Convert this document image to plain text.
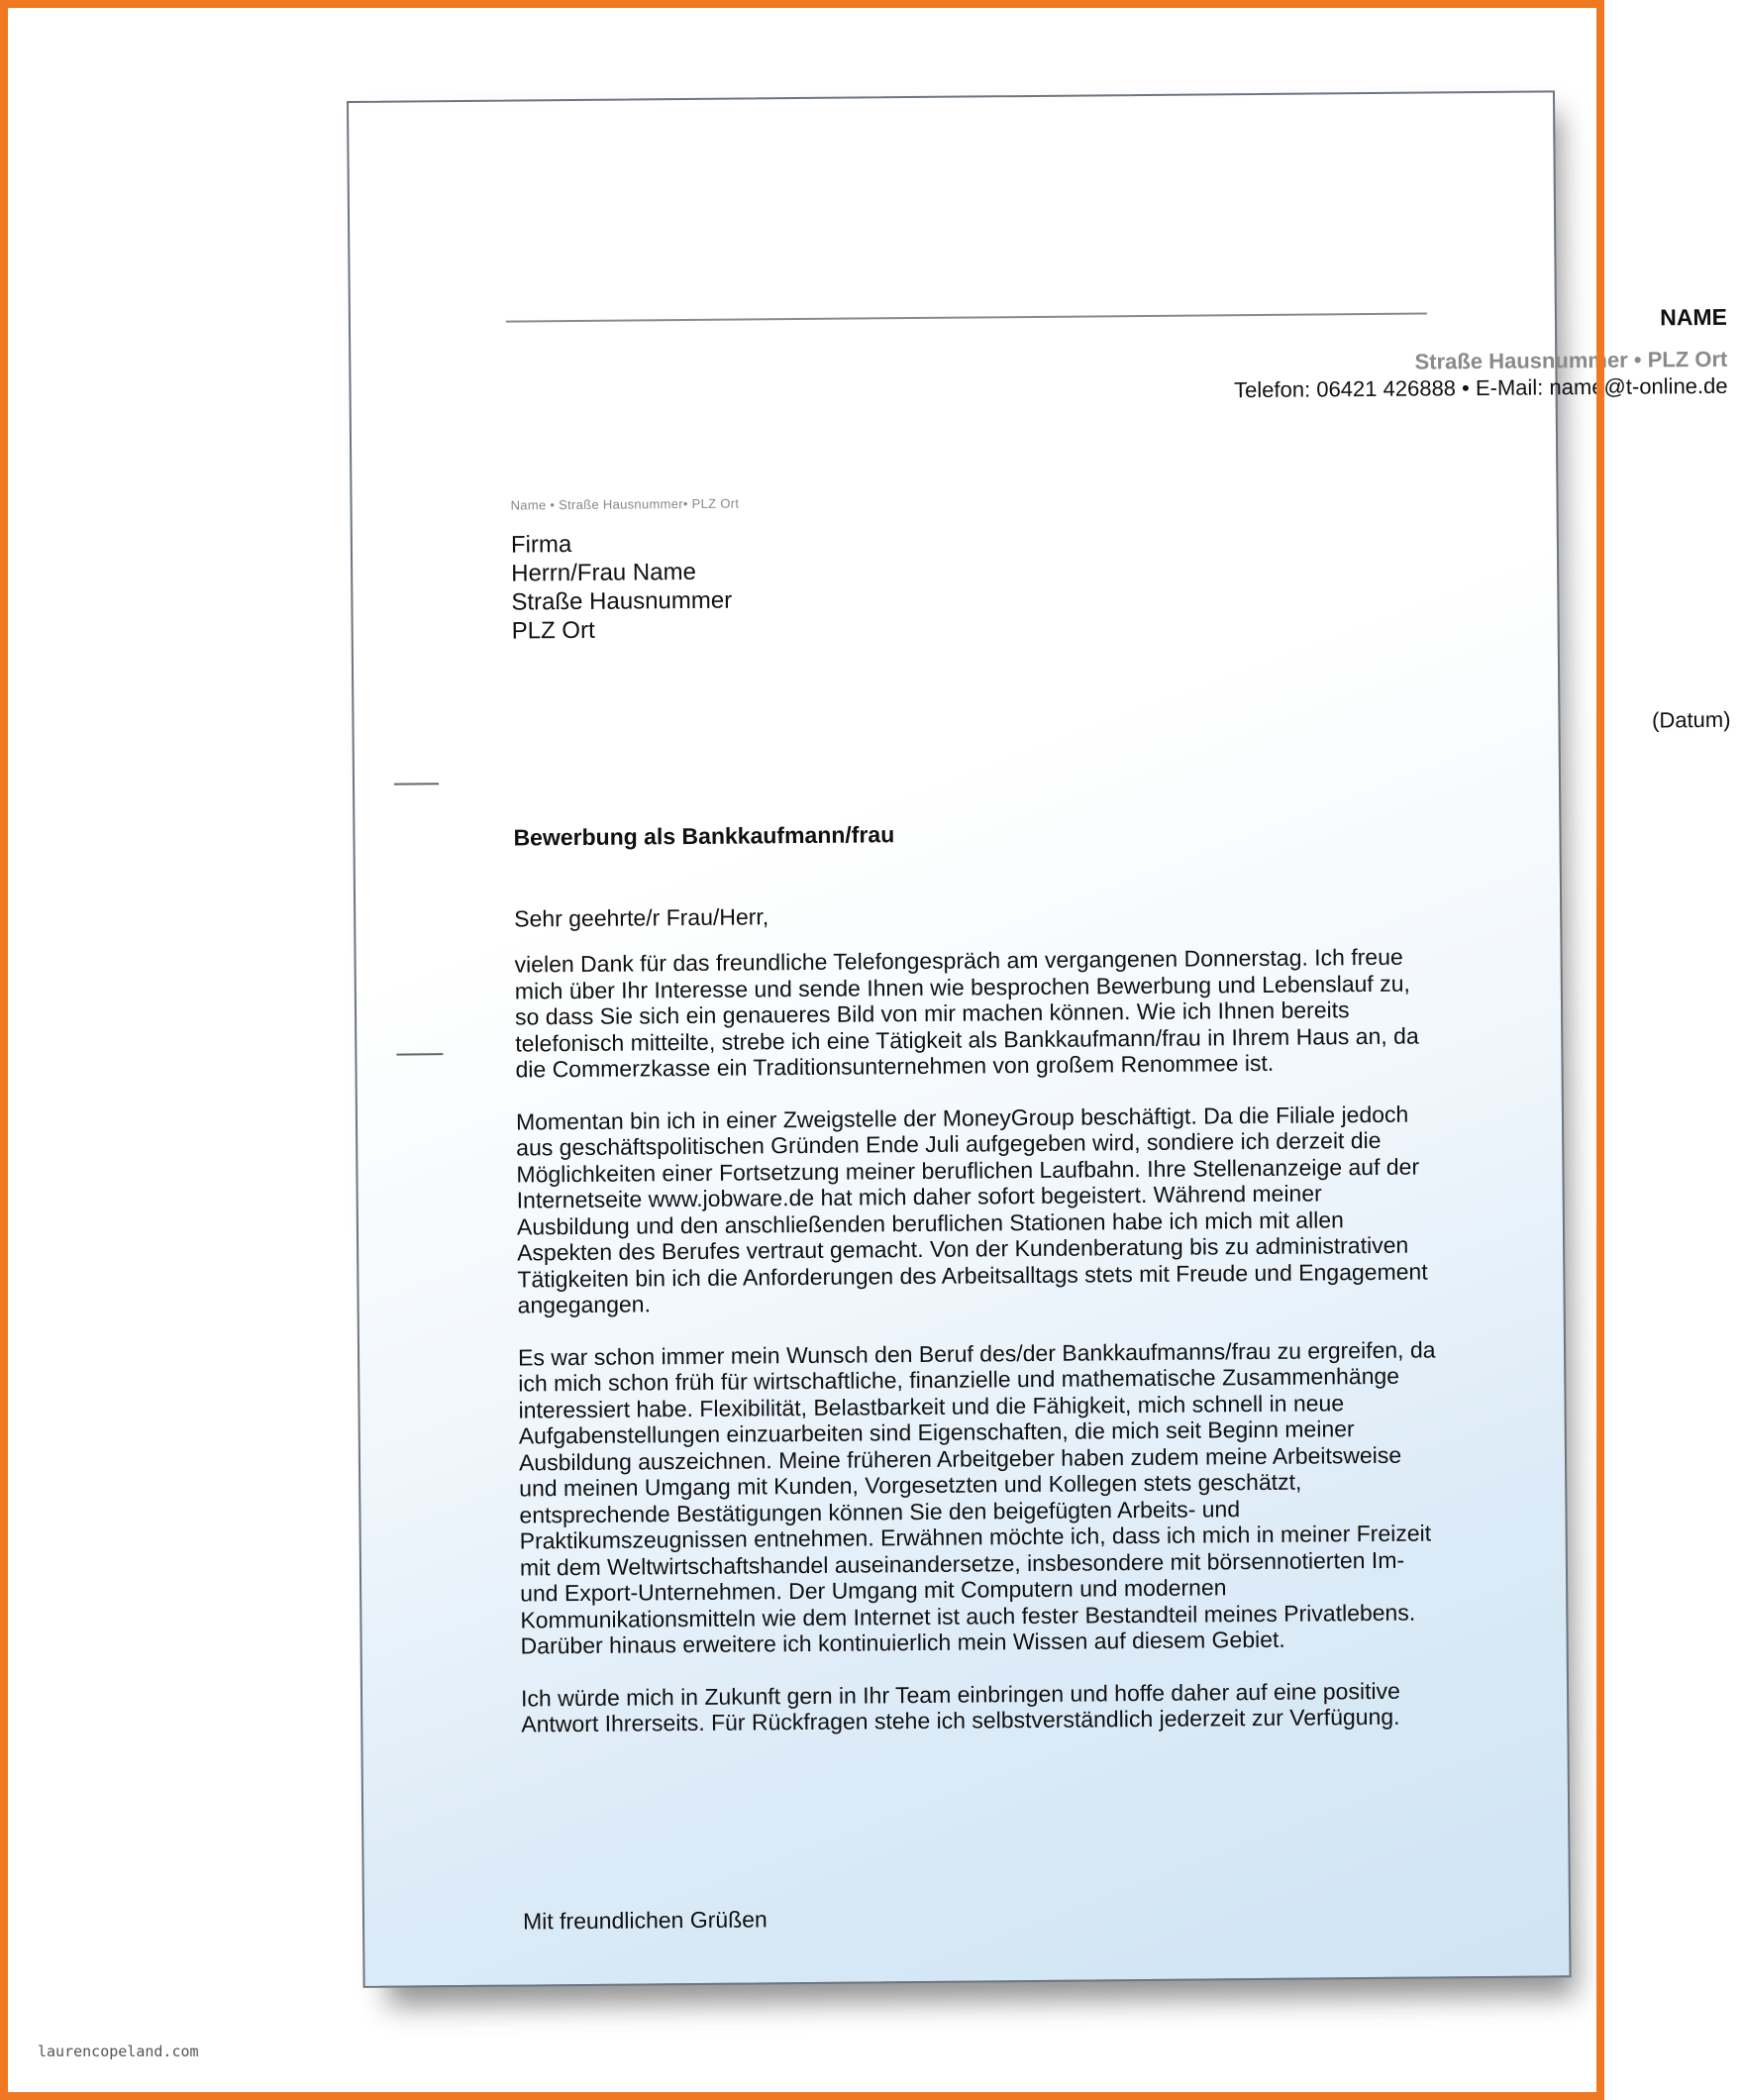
NAME
Straße Hausnummer • PLZ Ort
Telefon: 06421 426888 • E-Mail: name@t-online.de
Name • Straße Hausnummer• PLZ Ort
Firma
Herrn/Frau Name
Straße Hausnummer
PLZ Ort
(Datum)
Bewerbung als Bankkaufmann/frau
Sehr geehrte/r Frau/Herr,

vielen Dank für das freundliche Telefongespräch am vergangenen Donnerstag. Ich freue mich über Ihr Interesse und sende Ihnen wie besprochen Bewerbung und Lebenslauf zu, so dass Sie sich ein genaueres Bild von mir machen können. Wie ich Ihnen bereits telefonisch mitteilte, strebe ich eine Tätigkeit als Bankkaufmann/frau in Ihrem Haus an, da die Commerzkasse ein Traditionsunternehmen von großem Renommee ist.

Momentan bin ich in einer Zweigstelle der MoneyGroup beschäftigt. Da die Filiale jedoch aus geschäftspolitischen Gründen Ende Juli aufgegeben wird, sondiere ich derzeit die Möglichkeiten einer Fortsetzung meiner beruflichen Laufbahn. Ihre Stellenanzeige auf der Internetseite www.jobware.de hat mich daher sofort begeistert. Während meiner Ausbildung und den anschließenden beruflichen Stationen habe ich mich mit allen Aspekten des Berufes vertraut gemacht. Von der Kundenberatung bis zu administrativen Tätigkeiten bin ich die Anforderungen des Arbeitsalltags stets mit Freude und Engagement angegangen.

Es war schon immer mein Wunsch den Beruf des/der Bankkaufmanns/frau zu ergreifen, da ich mich schon früh für wirtschaftliche, finanzielle und mathematische Zusammenhänge interessiert habe. Flexibilität, Belastbarkeit und die Fähigkeit, mich schnell in neue Aufgabenstellungen einzuarbeiten sind Eigenschaften, die mich seit Beginn meiner Ausbildung auszeichnen. Meine früheren Arbeitgeber haben zudem meine Arbeitsweise und meinen Umgang mit Kunden, Vorgesetzten und Kollegen stets geschätzt, entsprechende Bestätigungen können Sie den beigefügten Arbeits- und Praktikumszeugnissen entnehmen. Erwähnen möchte ich, dass ich mich in meiner Freizeit mit dem Weltwirtschaftshandel auseinandersetze, insbesondere mit börsennotierten Im- und Export-Unternehmen. Der Umgang mit Computern und modernen Kommunikationsmitteln wie dem Internet ist auch fester Bestandteil meines Privatlebens. Darüber hinaus erweitere ich kontinuierlich mein Wissen auf diesem Gebiet.

Ich würde mich in Zukunft gern in Ihr Team einbringen und hoffe daher auf eine positive Antwort Ihrerseits. Für Rückfragen stehe ich selbstverständlich jederzeit zur Verfügung.

Mit freundlichen Grüßen
laurencopeland.com
